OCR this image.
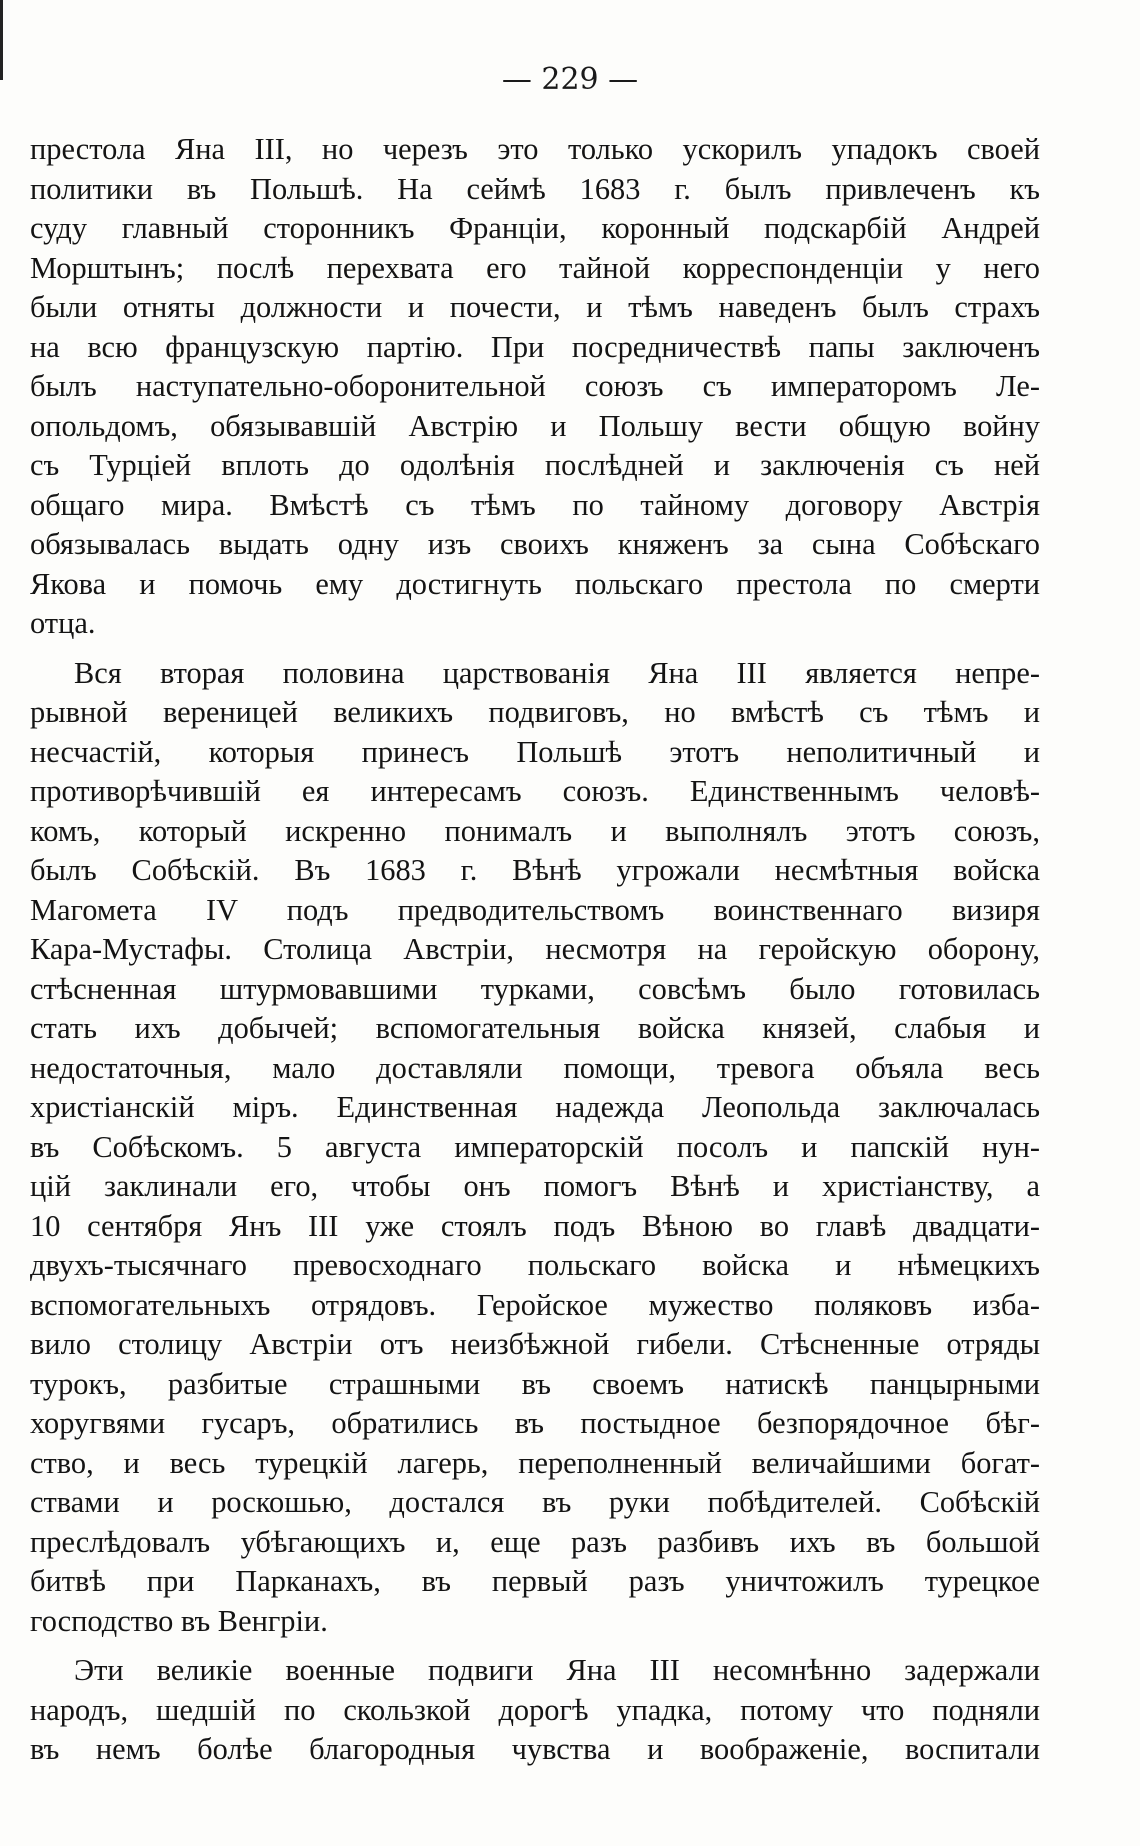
— 229 —

престола Яна III, но черезъ это только ускорилъ упадокъ своей
политики въ Польшѣ. На сеймѣ 1683 г. былъ привлеченъ къ
суду главный сторонникъ Франціи, коронный подскарбій Андрей
Морштынъ; послѣ перехвата его тайной корреспонденціи у него
были отняты должности и почести, и тѣмъ наведенъ былъ страхъ
на всю французскую партію. При посредничествѣ папы заключенъ
былъ наступательно-оборонительной союзъ съ императоромъ Ле-
опольдомъ, обязывавшій Австрію и Польшу вести общую войну
съ Турціей вплоть до одолѣнія послѣдней и заключенія съ ней
общаго мира. Вмѣстѣ съ тѣмъ по тайному договору Австрія
обязывалась выдать одну изъ своихъ княженъ за сына Собѣскаго
Якова и помочь ему достигнуть польскаго престола по смерти
отца.
Вся вторая половина царствованія Яна III является непре-
рывной вереницей великихъ подвиговъ, но вмѣстѣ съ тѣмъ и
несчастій, которыя принесъ Польшѣ этотъ неполитичный и
противорѣчившій ея интересамъ союзъ. Единственнымъ человѣ-
комъ, который искренно понималъ и выполнялъ этотъ союзъ,
былъ Собѣскій. Въ 1683 г. Вѣнѣ угрожали несмѣтныя войска
Магомета IV подъ предводительствомъ воинственнаго визиря
Кара-Мустафы. Столица Австріи, несмотря на геройскую оборону,
стѣсненная штурмовавшими турками, совсѣмъ было готовилась
стать ихъ добычей; вспомогательныя войска князей, слабыя и
недостаточныя, мало доставляли помощи, тревога объяла весь
христіанскій міръ. Единственная надежда Леопольда заключалась
въ Собѣскомъ. 5 августа императорскій посолъ и папскій нун-
цій заклинали его, чтобы онъ помогъ Вѣнѣ и христіанству, а
10 сентября Янъ III уже стоялъ подъ Вѣною во главѣ двадцати-
двухъ-тысячнаго превосходнаго польскаго войска и нѣмецкихъ
вспомогательныхъ отрядовъ. Геройское мужество поляковъ избa-
вило столицу Австріи отъ неизбѣжной гибели. Стѣсненные отряды
турокъ, разбитые страшными въ своемъ натискѣ панцырными
хоругвями гусаръ, обратились въ постыдное безпорядочное бѣг-
ство, и весь турецкій лагерь, переполненный величайшими богат-
ствами и роскошью, достался въ руки побѣдителей. Собѣскій
преслѣдовалъ убѣгающихъ и, еще разъ разбивъ ихъ въ большой
битвѣ при Парканахъ, въ первый разъ уничтожилъ турецкое
господство въ Венгріи.
Эти великіе военные подвиги Яна III несомнѣнно задержали
народъ, шедшій по скользкой дорогѣ упадка, потому что подняли
въ немъ болѣе благородныя чувства и воображеніе, воспитали
